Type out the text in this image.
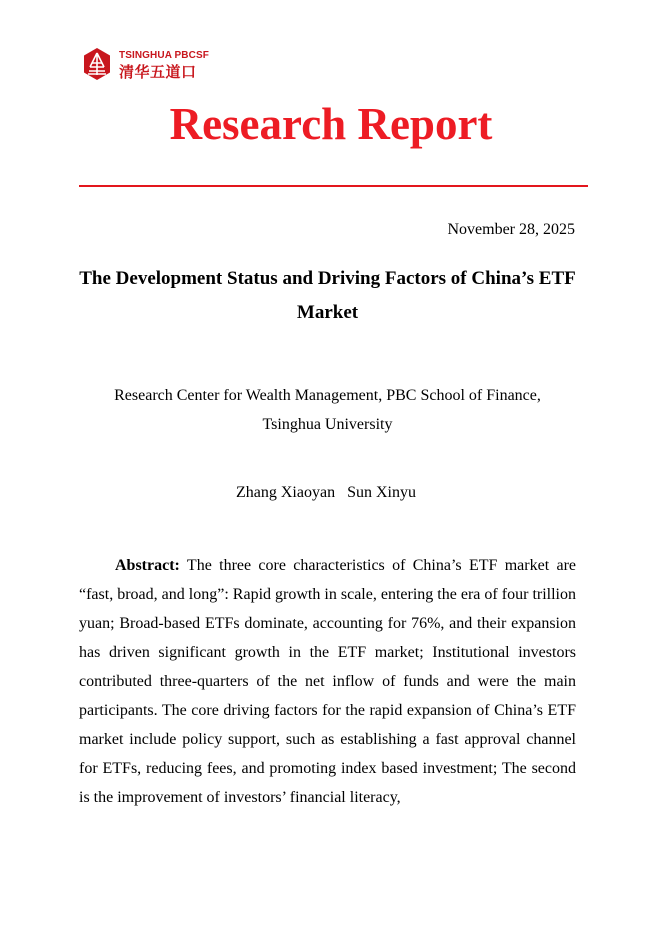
TSINGHUA PBCSF
清华五道口
Research Report
November 28, 2025
The Development Status and Driving Factors of China’s ETF Market
Research Center for Wealth Management, PBC School of Finance,
Tsinghua University
Zhang Xiaoyan   Sun Xinyu

Abstract: The three core characteristics of China’s ETF market are “fast, broad, and long”: Rapid growth in scale, entering the era of four trillion yuan; Broad-based ETFs dominate, accounting for 76%, and their expansion has driven significant growth in the ETF market; Institutional investors contributed three-quarters of the net inflow of funds and were the main participants. The core driving factors for the rapid expansion of China’s ETF market include policy support, such as establishing a fast approval channel for ETFs, reducing fees, and promoting index based investment; The second is the improvement of investors’ financial literacy,
